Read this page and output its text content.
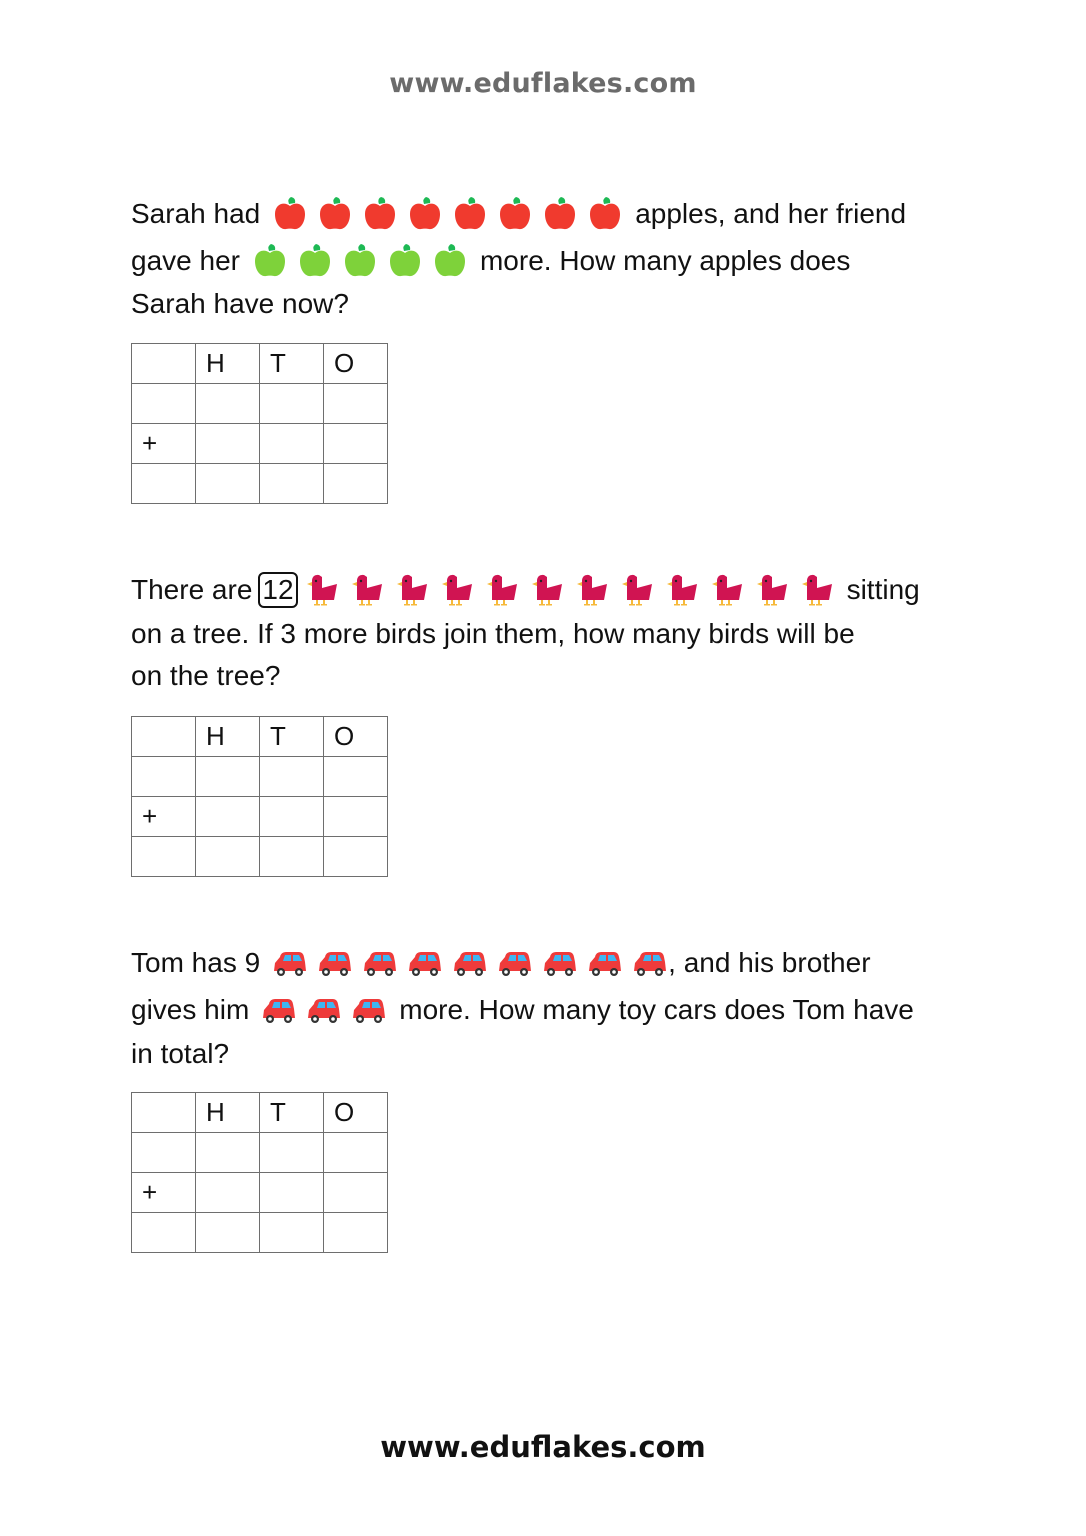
www.eduflakes.com
Sarah had	apples, and her friend
gave her	more. How many apples does
Sarah have now?
	H	T	O

+			

There are 12	sitting
on a tree. If 3 more birds join them, how many birds will be
on the tree?
	H	T	O

+			

Tom has 9	, and his brother
gives him	more. How many toy cars does Tom have
in total?
	H	T	O

+			

www.eduflakes.com
